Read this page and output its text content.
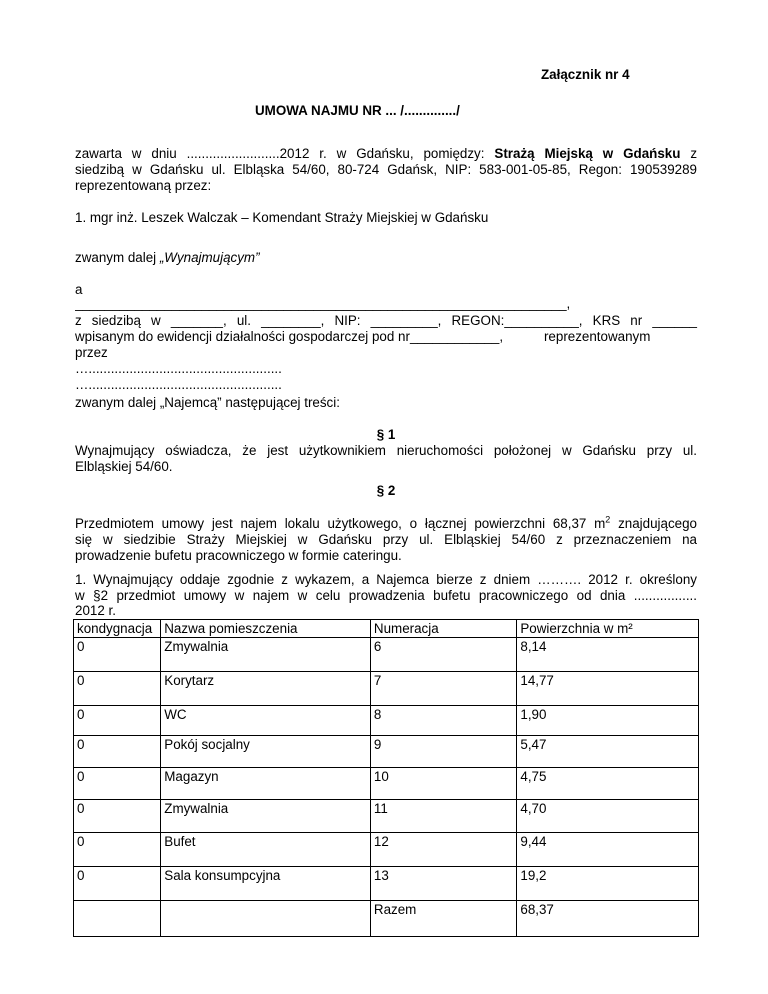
Załącznik nr 4
UMOWA NAJMU NR ... /............../
zawarta w dniu .........................2012 r. w Gdańsku, pomiędzy: Strażą Miejską w Gdańsku z
siedzibą w Gdańsku ul. Elbląska 54/60, 80-724 Gdańsk, NIP: 583-001-05-85, Regon: 190539289
reprezentowaną przez:
1. mgr inż. Leszek Walczak – Komendant Straży Miejskiej w Gdańsku
zwanym dalej „Wynajmującym”
a
__________________________________________________________________,
z siedzibą w _______, ul. ________, NIP: _________, REGON:__________, KRS nr ______
wpisanym do ewidencji działalności gospodarczej pod nr____________,           reprezentowanym
przez
…....................................................
…....................................................
zwanym dalej „Najemcą” następującej treści:
§ 1
Wynajmujący oświadcza, że jest użytkownikiem nieruchomości położonej w Gdańsku przy ul.
Elbląskiej 54/60.
§ 2
Przedmiotem umowy jest najem lokalu użytkowego, o łącznej powierzchni 68,37 $m^2$ znajdującego
się w siedzibie Straży Miejskiej w Gdańsku przy ul. Elbląskiej 54/60 z przeznaczeniem na
prowadzenie bufetu pracowniczego w formie cateringu.
1. Wynajmujący oddaje zgodnie z wykazem, a Najemca bierze z dniem ………. 2012 r. określony
w §2 przedmiot umowy w najem w celu prowadzenia bufetu pracowniczego od dnia .................
2012 r.
kondygnacja	Nazwa pomieszczenia	Numeracja	Powierzchnia w m²
0	Zmywalnia	6	8,14
0	Korytarz	7	14,77
0	WC	8	1,90
0	Pokój socjalny	9	5,47
0	Magazyn	10	4,75
0	Zmywalnia	11	4,70
0	Bufet	12	9,44
0	Sala konsumpcyjna	13	19,2
		Razem	68,37
